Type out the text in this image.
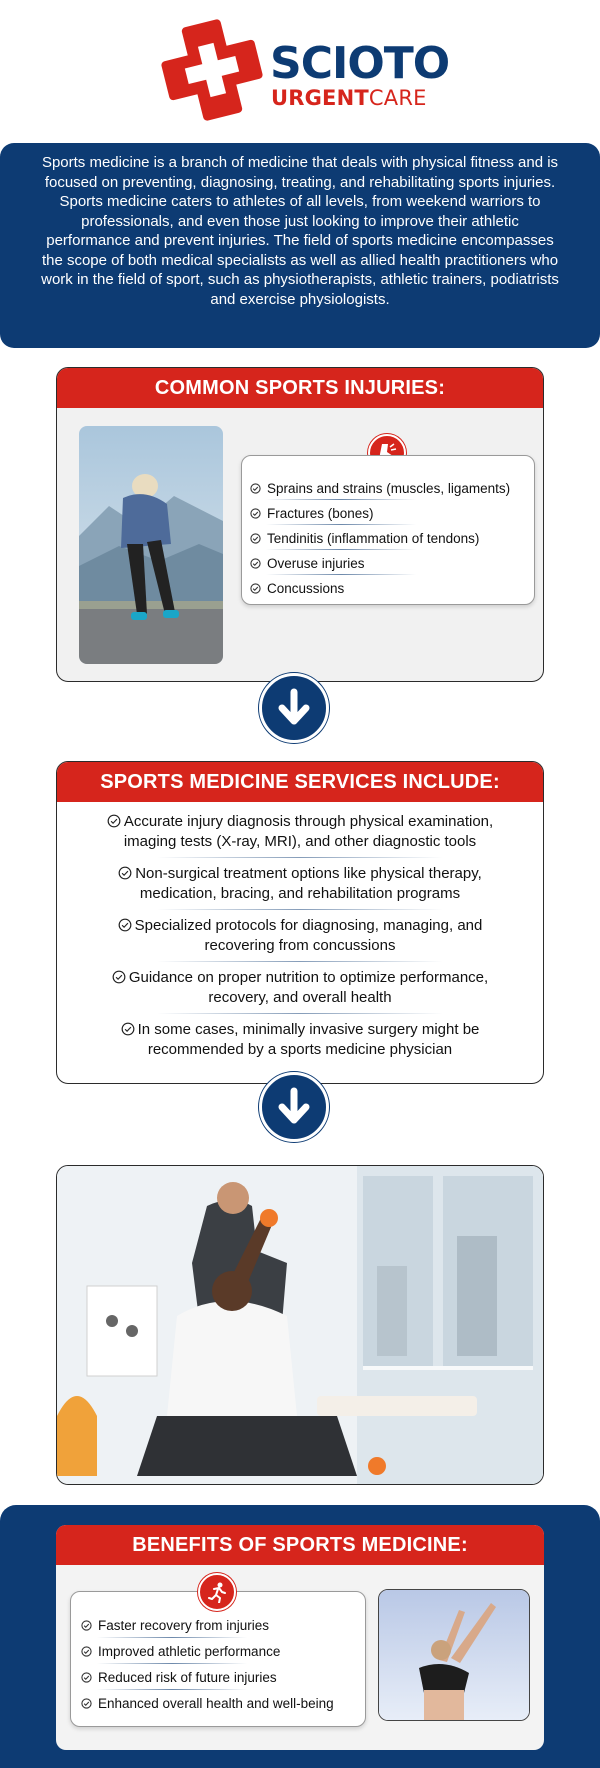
SCIOTO
URGENTCARE

Sports medicine is a branch of medicine that deals with physical fitness and is focused on preventing, diagnosing, treating, and rehabilitating sports injuries. Sports medicine caters to athletes of all levels, from weekend warriors to professionals, and even those just looking to improve their athletic performance and prevent injuries. The field of sports medicine encompasses the scope of both medical specialists as well as allied health practitioners who work in the field of sport, such as physiotherapists, athletic trainers, podiatrists and exercise physiologists.

COMMON SPORTS INJURIES:
Sprains and strains (muscles, ligaments)
Fractures (bones)
Tendinitis (inflammation of tendons)
Overuse injuries
Concussions
SPORTS MEDICINE SERVICES INCLUDE:
Accurate injury diagnosis through physical examination,
imaging tests (X-ray, MRI), and other diagnostic tools
Non-surgical treatment options like physical therapy,
medication, bracing, and rehabilitation programs
Specialized protocols for diagnosing, managing, and
recovering from concussions
Guidance on proper nutrition to optimize performance,
recovery, and overall health
In some cases, minimally invasive surgery might be
recommended by a sports medicine physician
BENEFITS OF SPORTS MEDICINE:
Faster recovery from injuries
Improved athletic performance
Reduced risk of future injuries
Enhanced overall health and well-being
